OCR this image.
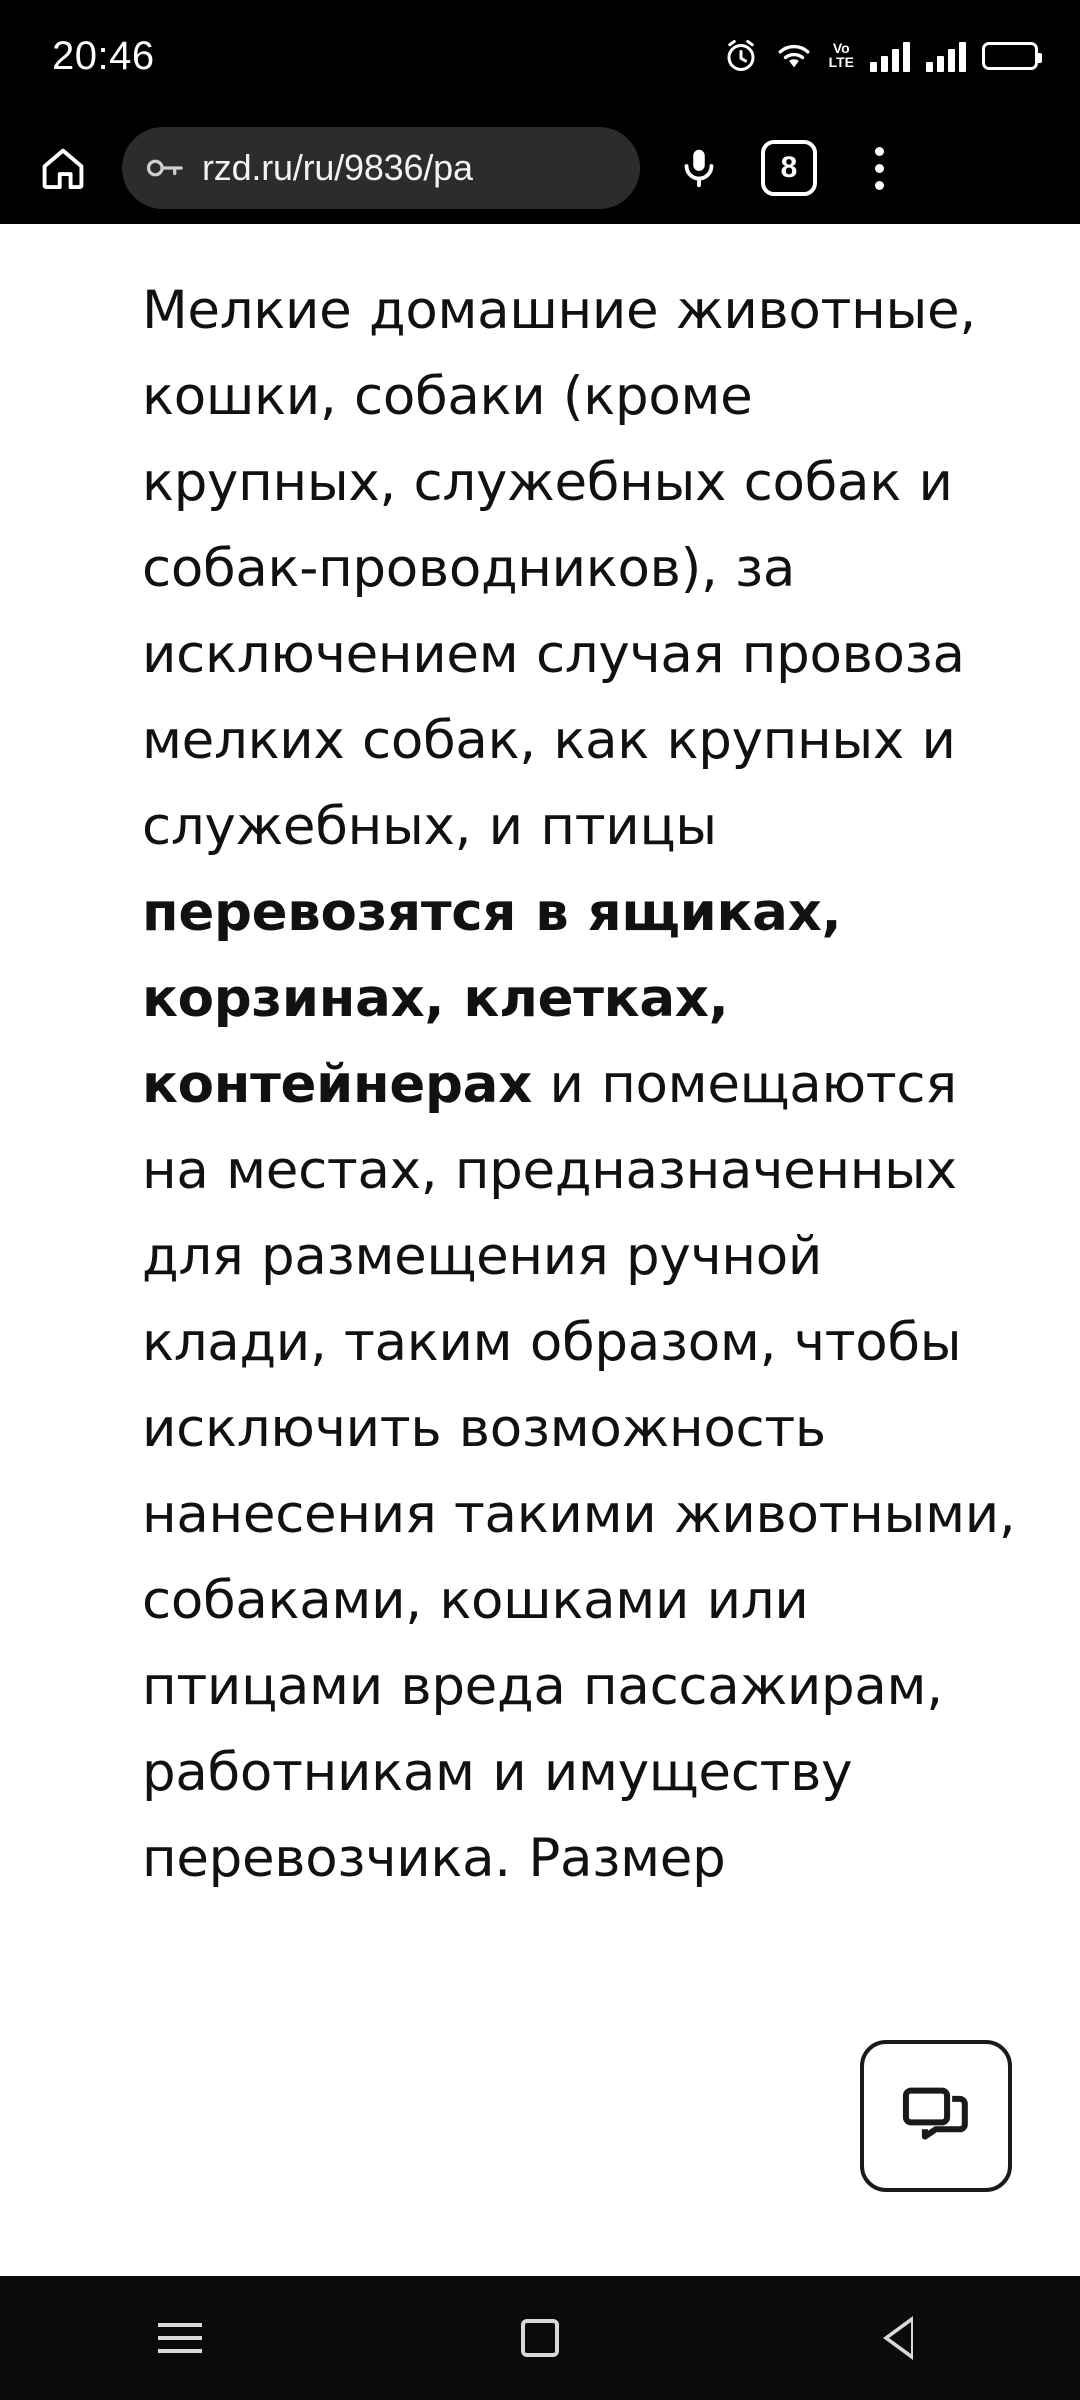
20:46	Vo
LTE
rzd.ru/ru/9836/pa	8

Мелкие домашние животные, кошки, собаки (кроме крупных, служебных собак и собак-проводников), за исключением случая провоза мелких собак, как крупных и служебных, и птицы перевозятся в ящиках, корзинах, клетках, контейнерах и помещаются на местах, предназначенных для размещения ручной клади, таким образом, чтобы исключить возможность нанесения такими животными, собаками, кошками или птицами вреда пассажирам, работникам и имуществу перевозчика. Размер
